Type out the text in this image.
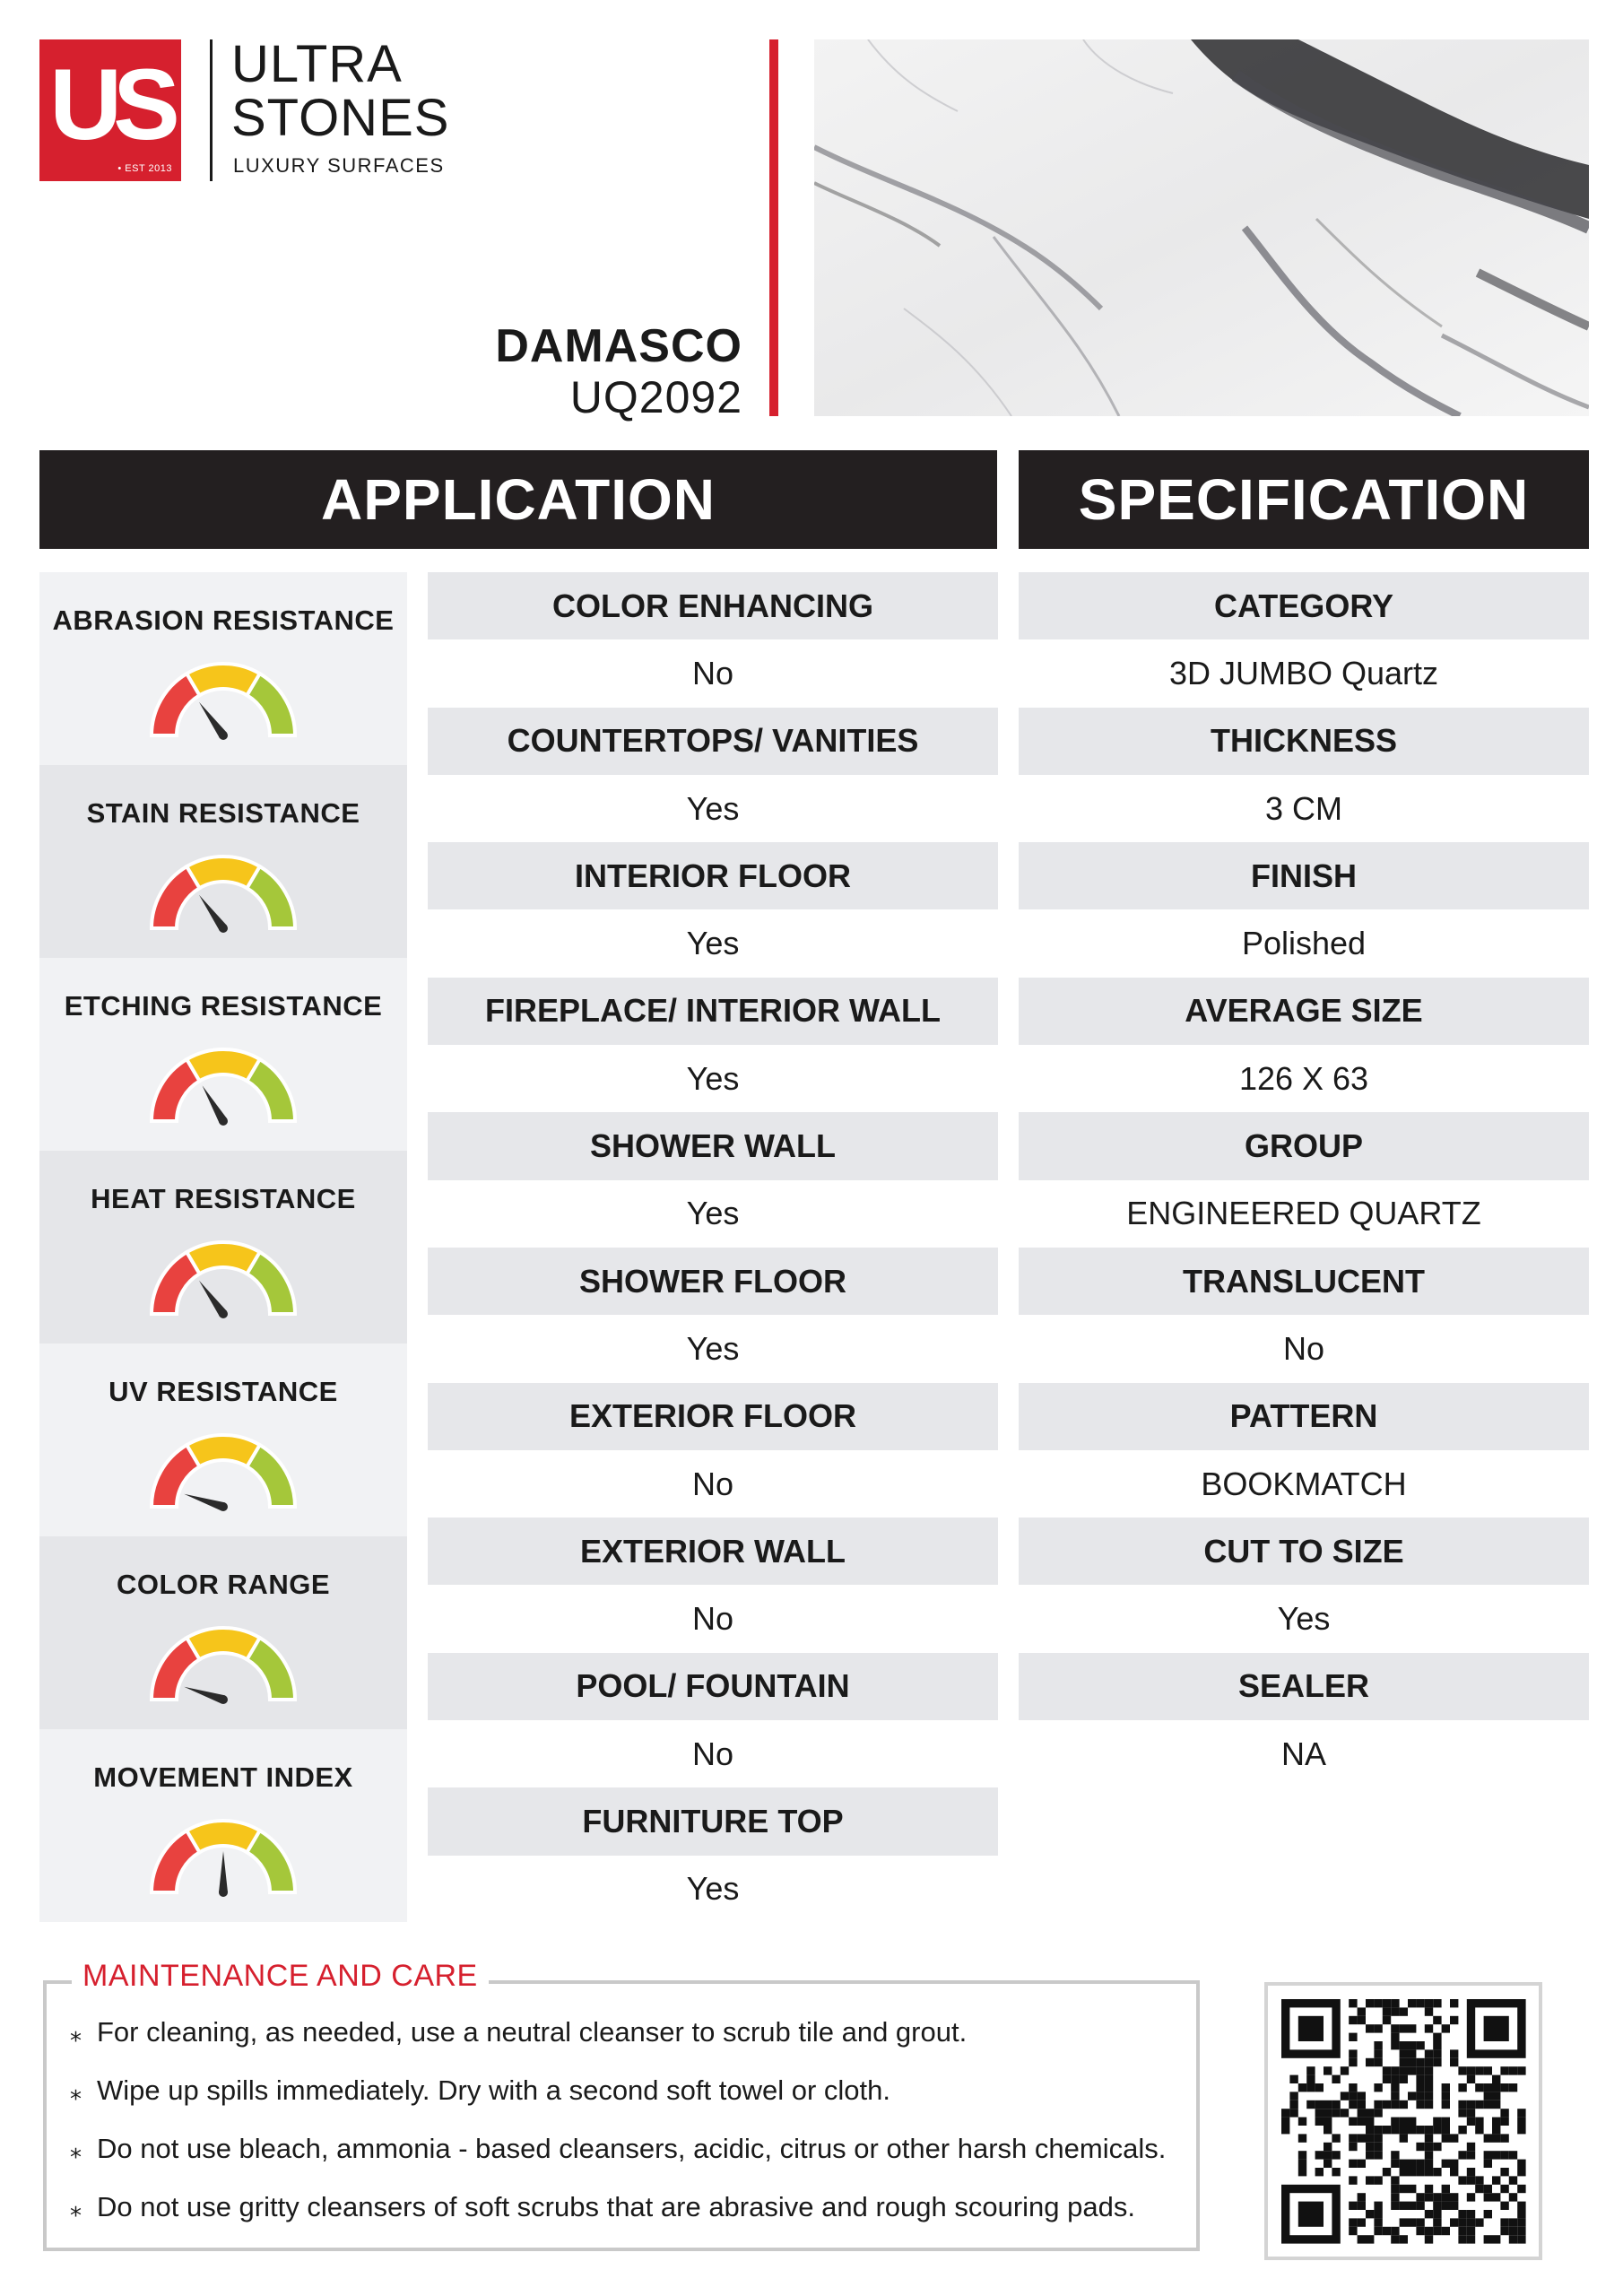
US
• EST 2013
ULTRA
STONES
LUXURY SURFACES
DAMASCO
UQ2092
APPLICATION	SPECIFICATION
ABRASION RESISTANCE
STAIN RESISTANCE
ETCHING RESISTANCE
HEAT RESISTANCE
UV RESISTANCE
COLOR RANGE
MOVEMENT INDEX
COLOR ENHANCING
No
COUNTERTOPS/ VANITIES
Yes
INTERIOR FLOOR
Yes
FIREPLACE/ INTERIOR WALL
Yes
SHOWER WALL
Yes
SHOWER FLOOR
Yes
EXTERIOR FLOOR
No
EXTERIOR WALL
No
POOL/ FOUNTAIN
No
FURNITURE TOP
Yes
CATEGORY
3D JUMBO Quartz
THICKNESS
3 CM
FINISH
Polished
AVERAGE SIZE
126 X 63
GROUP
ENGINEERED QUARTZ
TRANSLUCENT
No
PATTERN
BOOKMATCH
CUT TO SIZE
Yes
SEALER
NA
MAINTENANCE AND CARE
⁎ For cleaning, as needed, use a neutral cleanser to scrub tile and grout.
⁎ Wipe up spills immediately. Dry with a second soft towel or cloth.
⁎ Do not use bleach, ammonia - based cleansers, acidic, citrus or other harsh chemicals.
⁎ Do not use gritty cleansers of soft scrubs that are abrasive and rough scouring pads.
